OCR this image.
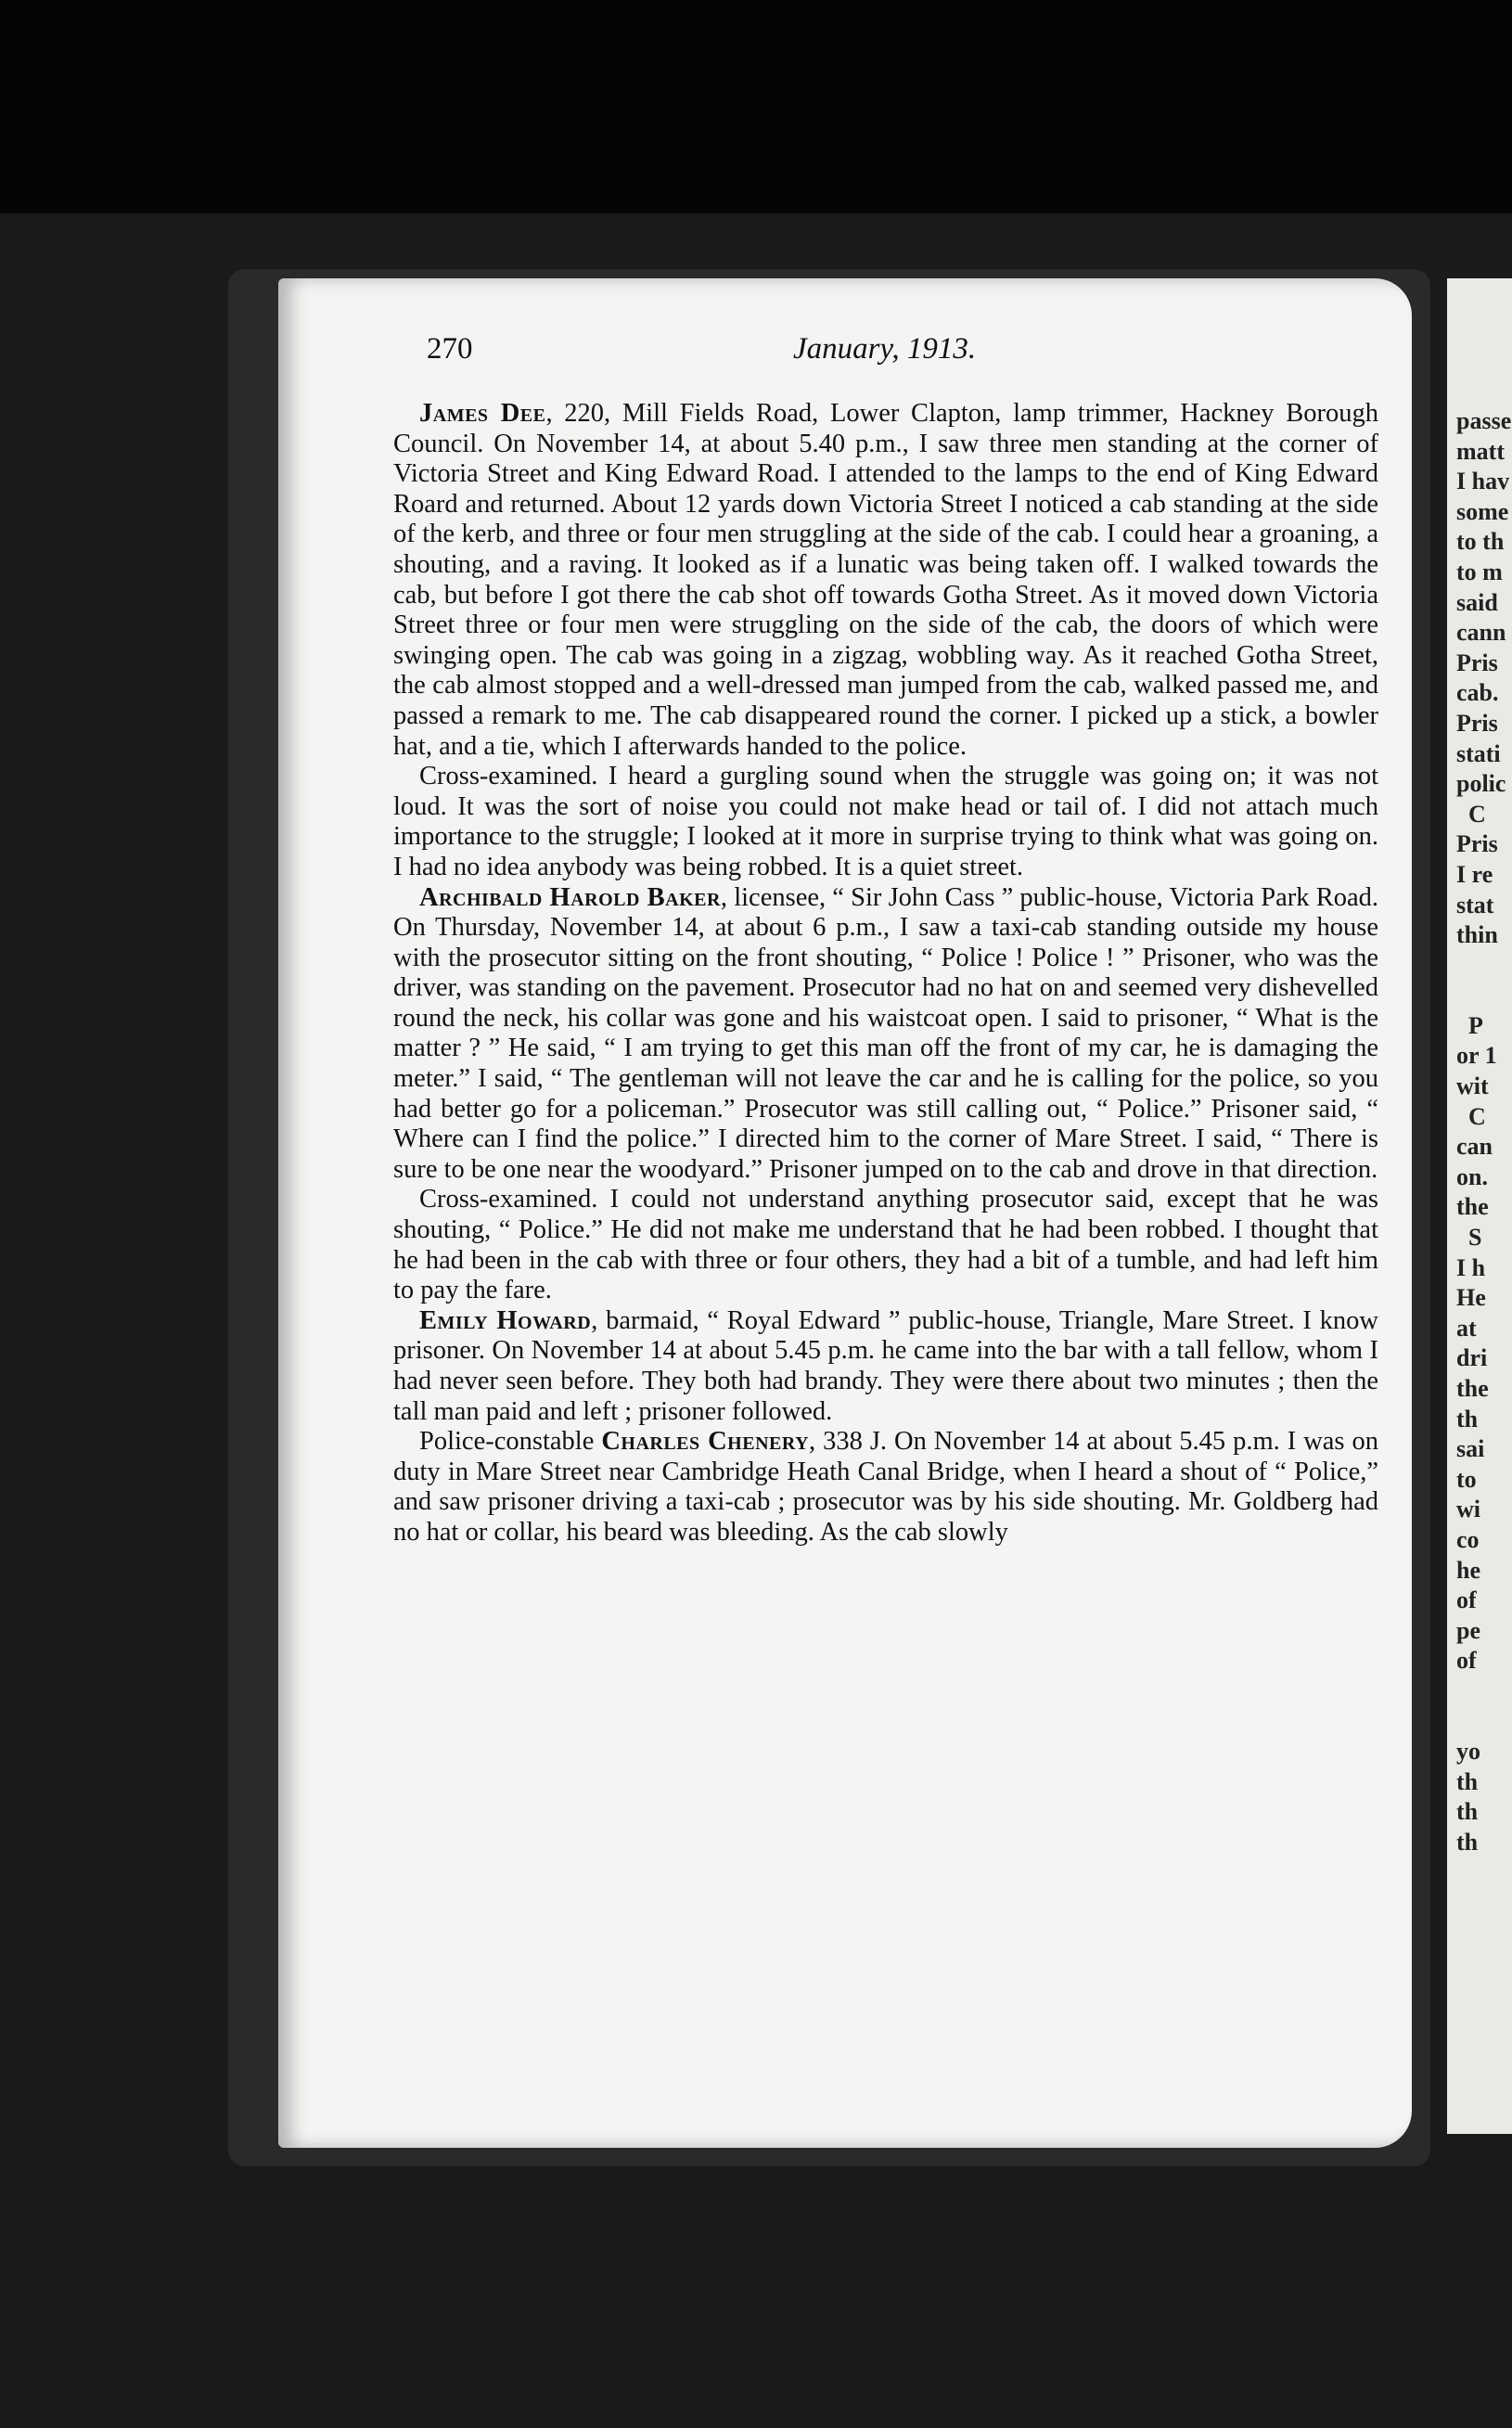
270	January, 1913.

James Dee, 220, Mill Fields Road, Lower Clapton, lamp trimmer, Hackney Borough Council. On November 14, at about 5.40 p.m., I saw three men standing at the corner of Victoria Street and King Edward Road. I attended to the lamps to the end of King Edward Roard and returned. About 12 yards down Victoria Street I noticed a cab standing at the side of the kerb, and three or four men struggling at the side of the cab. I could hear a groaning, a shouting, and a raving. It looked as if a lunatic was being taken off. I walked towards the cab, but before I got there the cab shot off towards Gotha Street. As it moved down Victoria Street three or four men were struggling on the side of the cab, the doors of which were swinging open. The cab was going in a zigzag, wobbling way. As it reached Gotha Street, the cab almost stopped and a well-dressed man jumped from the cab, walked passed me, and passed a remark to me. The cab disappeared round the corner. I picked up a stick, a bowler hat, and a tie, which I afterwards handed to the police.

Cross-examined. I heard a gurgling sound when the struggle was going on; it was not loud. It was the sort of noise you could not make head or tail of. I did not attach much importance to the struggle; I looked at it more in surprise trying to think what was going on. I had no idea anybody was being robbed. It is a quiet street.

Archibald Harold Baker, licensee, “ Sir John Cass ” public-house, Victoria Park Road. On Thursday, November 14, at about 6 p.m., I saw a taxi-cab standing outside my house with the prosecutor sitting on the front shouting, “ Police ! Police ! ” Prisoner, who was the driver, was standing on the pavement. Prosecutor had no hat on and seemed very dishevelled round the neck, his collar was gone and his waistcoat open. I said to prisoner, “ What is the matter ? ” He said, “ I am trying to get this man off the front of my car, he is damaging the meter.” I said, “ The gentleman will not leave the car and he is calling for the police, so you had better go for a policeman.” Prosecutor was still calling out, “ Police.” Prisoner said, “ Where can I find the police.” I directed him to the corner of Mare Street. I said, “ There is sure to be one near the woodyard.” Prisoner jumped on to the cab and drove in that direction.

Cross-examined. I could not understand anything prosecutor said, except that he was shouting, “ Police.” He did not make me understand that he had been robbed. I thought that he had been in the cab with three or four others, they had a bit of a tumble, and had left him to pay the fare.

Emily Howard, barmaid, “ Royal Edward ” public-house, Triangle, Mare Street. I know prisoner. On November 14 at about 5.45 p.m. he came into the bar with a tall fellow, whom I had never seen before. They both had brandy. They were there about two minutes ; then the tall man paid and left ; prisoner followed.

Police-constable Charles Chenery, 338 J. On November 14 at about 5.45 p.m. I was on duty in Mare Street near Cambridge Heath Canal Bridge, when I heard a shout of “ Police,” and saw prisoner driving a taxi-cab ; prosecutor was by his side shouting. Mr. Goldberg had no hat or collar, his beard was bleeding. As the cab slowly

passe
matt
I hav
some
to th
to m
said
cann
Pris
cab.
Pris
stati
polic
C
Pris
I re
stat
thin

P
or 1
wit
C
can
on.
the
S
I h
He
at
dri
the
th
sai
to
wi
co
he
of
pe
of

yo
th
th
th
